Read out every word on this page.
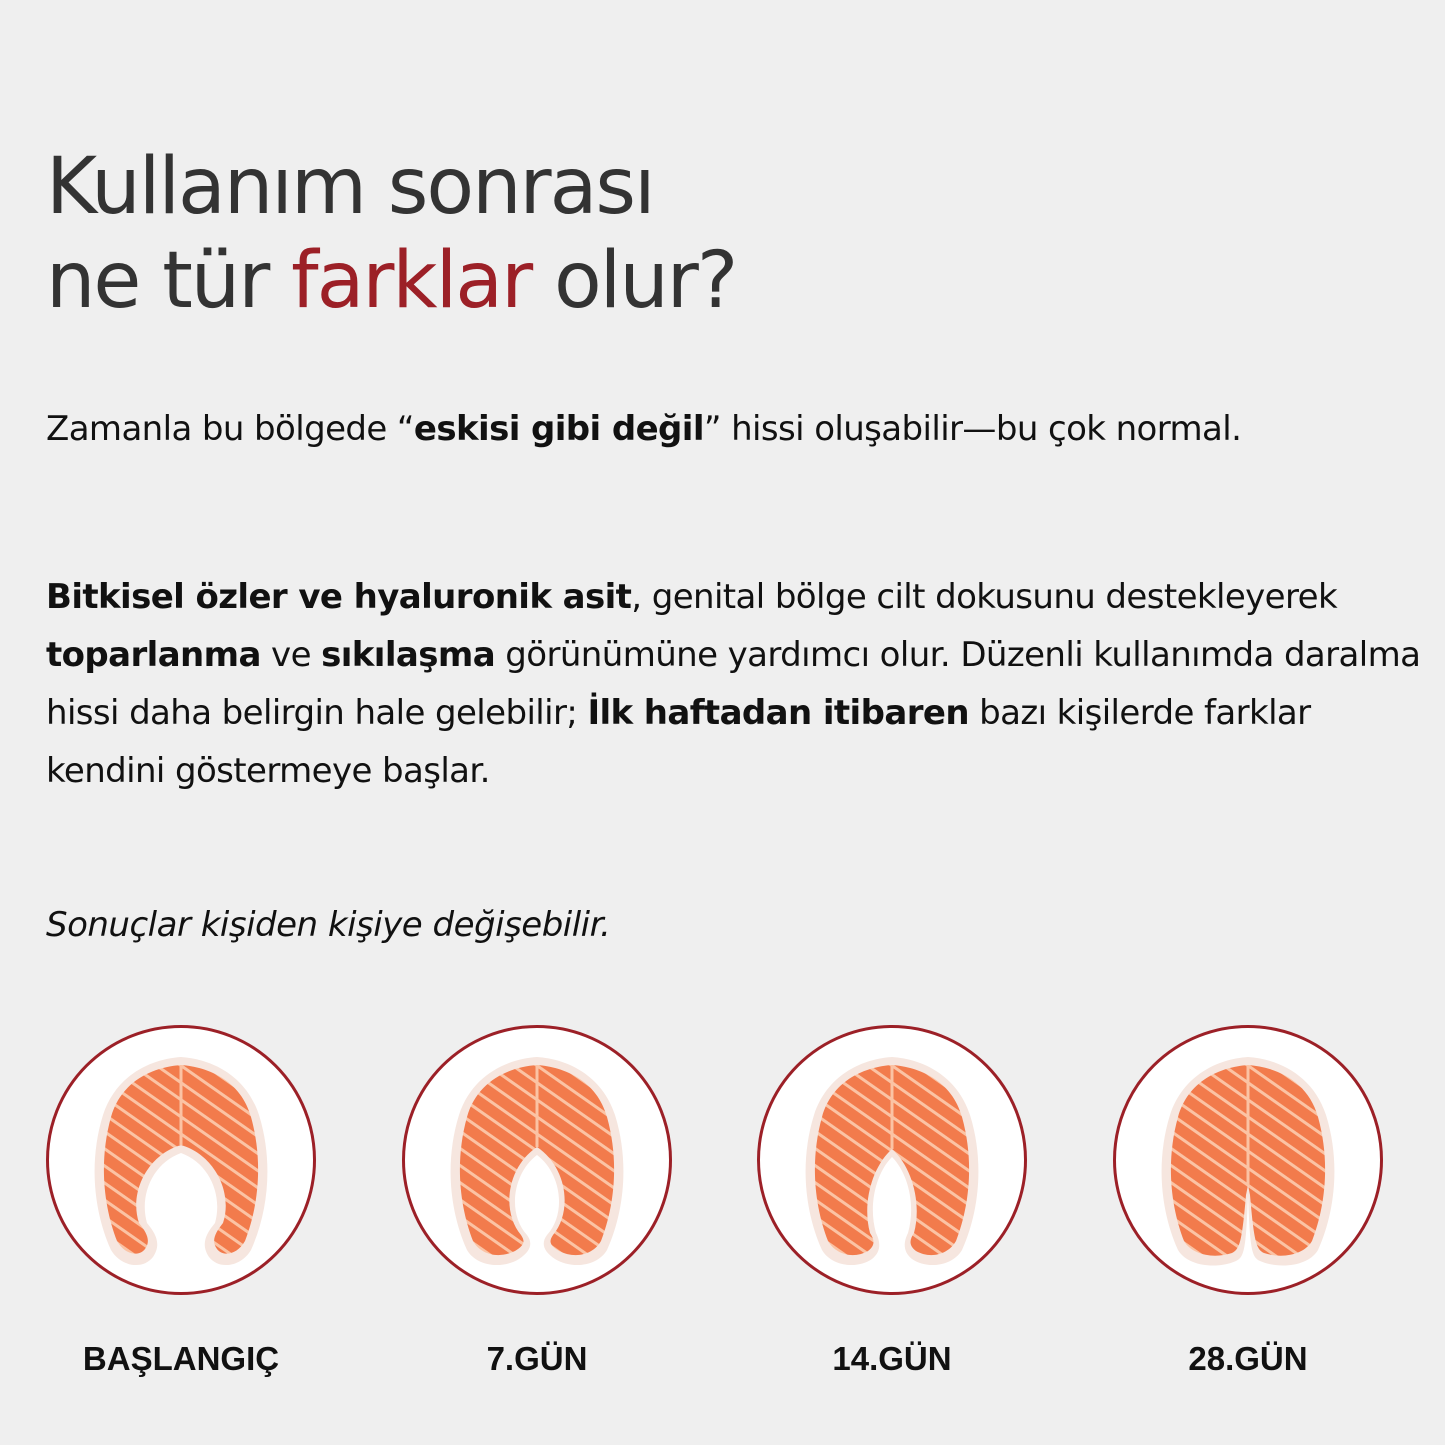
Kullanım sonrası
ne tür farklar olur?

Zamanla bu bölgede “eskisi gibi değil” hissi oluşabilir—bu çok normal.

Bitkisel özler ve hyaluronik asit, genital bölge cilt dokusunu destekleyerek toparlanma ve sıkılaşma görünümüne yardımcı olur. Düzenli kullanımda daralma hissi daha belirgin hale gelebilir; İlk haftadan itibaren bazı kişilerde farklar kendini göstermeye başlar.

Sonuçlar kişiden kişiye değişebilir.

BAŞLANGIÇ	7.GÜN	14.GÜN	28.GÜN
